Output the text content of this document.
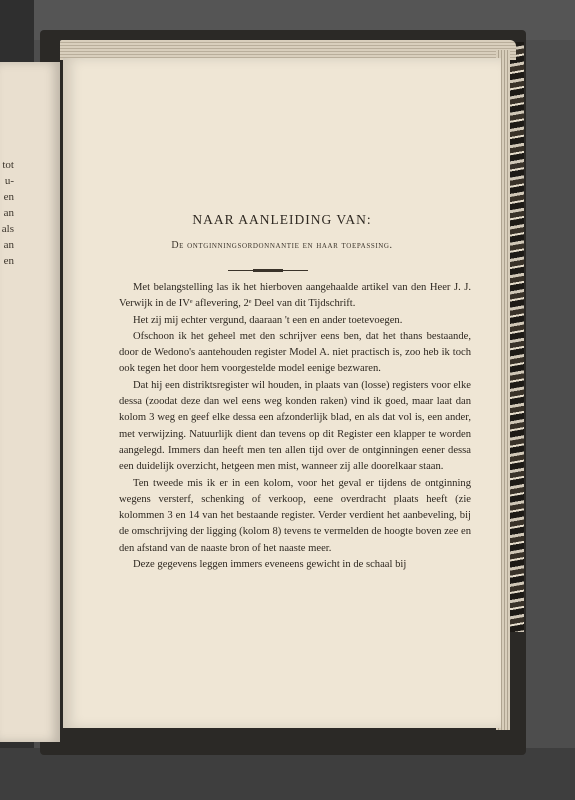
tot
u-
en
an
als
an
en
NAAR AANLEIDING VAN:
De ontginningsordonnantie en haar toepassing.

Met belangstelling las ik het hierboven aangehaalde artikel van den Heer J. J. Verwijk in de IVᵉ aflevering, 2ᵉ Deel van dit Tijdschrift.

Het zij mij echter vergund, daaraan 't een en ander toetevoegen.

Ofschoon ik het geheel met den schrijver eens ben, dat het thans bestaande, door de Wedono's aantehouden register Model A. niet practisch is, zoo heb ik toch ook tegen het door hem voorgestelde model eenige bezwaren.

Dat hij een distriktsregister wil houden, in plaats van (losse) registers voor elke dessa (zoodat deze dan wel eens weg konden raken) vind ik goed, maar laat dan kolom 3 weg en geef elke dessa een afzonderlijk blad, en als dat vol is, een ander, met verwijzing. Natuurlijk dient dan tevens op dit Register een klapper te worden aangelegd. Immers dan heeft men ten allen tijd over de ontginningen eener dessa een duidelijk overzicht, hetgeen men mist, wanneer zij alle doorelkaar staan.

Ten tweede mis ik er in een kolom, voor het geval er tijdens de ontginning wegens versterf, schenking of verkoop, eene overdracht plaats heeft (zie kolommen 3 en 14 van het bestaande register. Verder verdient het aanbeveling, bij de omschrijving der ligging (kolom 8) tevens te vermelden de hoogte boven zee en den afstand van de naaste bron of het naaste meer.

Deze gegevens leggen immers eveneens gewicht in de schaal bij
